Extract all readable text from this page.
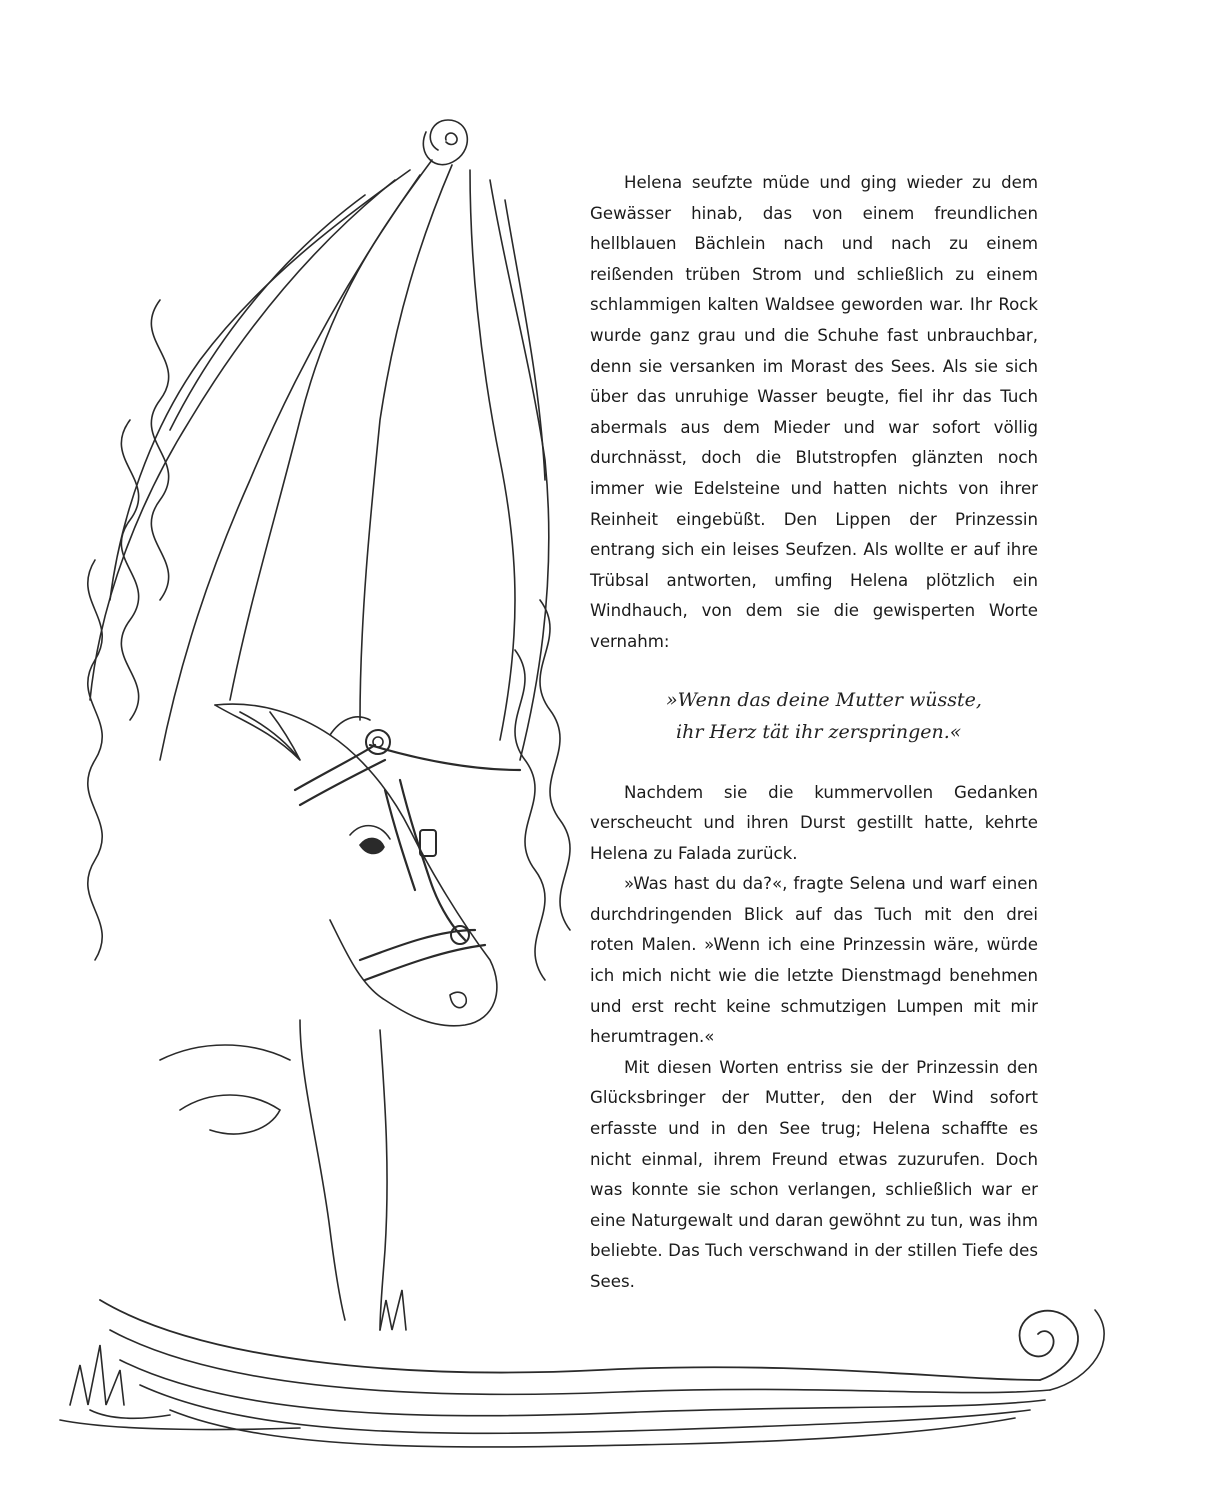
Helena seufzte müde und ging wieder zu dem Gewässer hinab, das von einem freundlichen hellblauen Bächlein nach und nach zu einem reißenden trüben Strom und schließlich zu einem schlammigen kalten Waldsee geworden war. Ihr Rock wurde ganz grau und die Schuhe fast unbrauchbar, denn sie versanken im Morast des Sees. Als sie sich über das unruhige Wasser beugte, fiel ihr das Tuch abermals aus dem Mieder und war sofort völlig durchnässt, doch die Blutstropfen glänzten noch immer wie Edelsteine und hatten nichts von ihrer Reinheit eingebüßt. Den Lippen der Prinzessin entrang sich ein leises Seufzen. Als wollte er auf ihre Trübsal antworten, umfing Helena plötzlich ein Windhauch, von dem sie die gewisperten Worte vernahm:

»Wenn das deine Mutter wüsste,
ihr Herz tät ihr zerspringen.«

Nachdem sie die kummervollen Gedanken verscheucht und ihren Durst gestillt hatte, kehrte Helena zu Falada zurück.

»Was hast du da?«, fragte Selena und warf einen durchdringenden Blick auf das Tuch mit den drei roten Malen. »Wenn ich eine Prinzessin wäre, würde ich mich nicht wie die letzte Dienstmagd benehmen und erst recht keine schmutzigen Lumpen mit mir herumtragen.«

Mit diesen Worten entriss sie der Prinzessin den Glücksbringer der Mutter, den der Wind sofort erfasste und in den See trug; Helena schaffte es nicht einmal, ihrem Freund etwas zuzurufen. Doch was konnte sie schon verlangen, schließlich war er eine Naturgewalt und daran gewöhnt zu tun, was ihm beliebte. Das Tuch verschwand in der stillen Tiefe des Sees.
